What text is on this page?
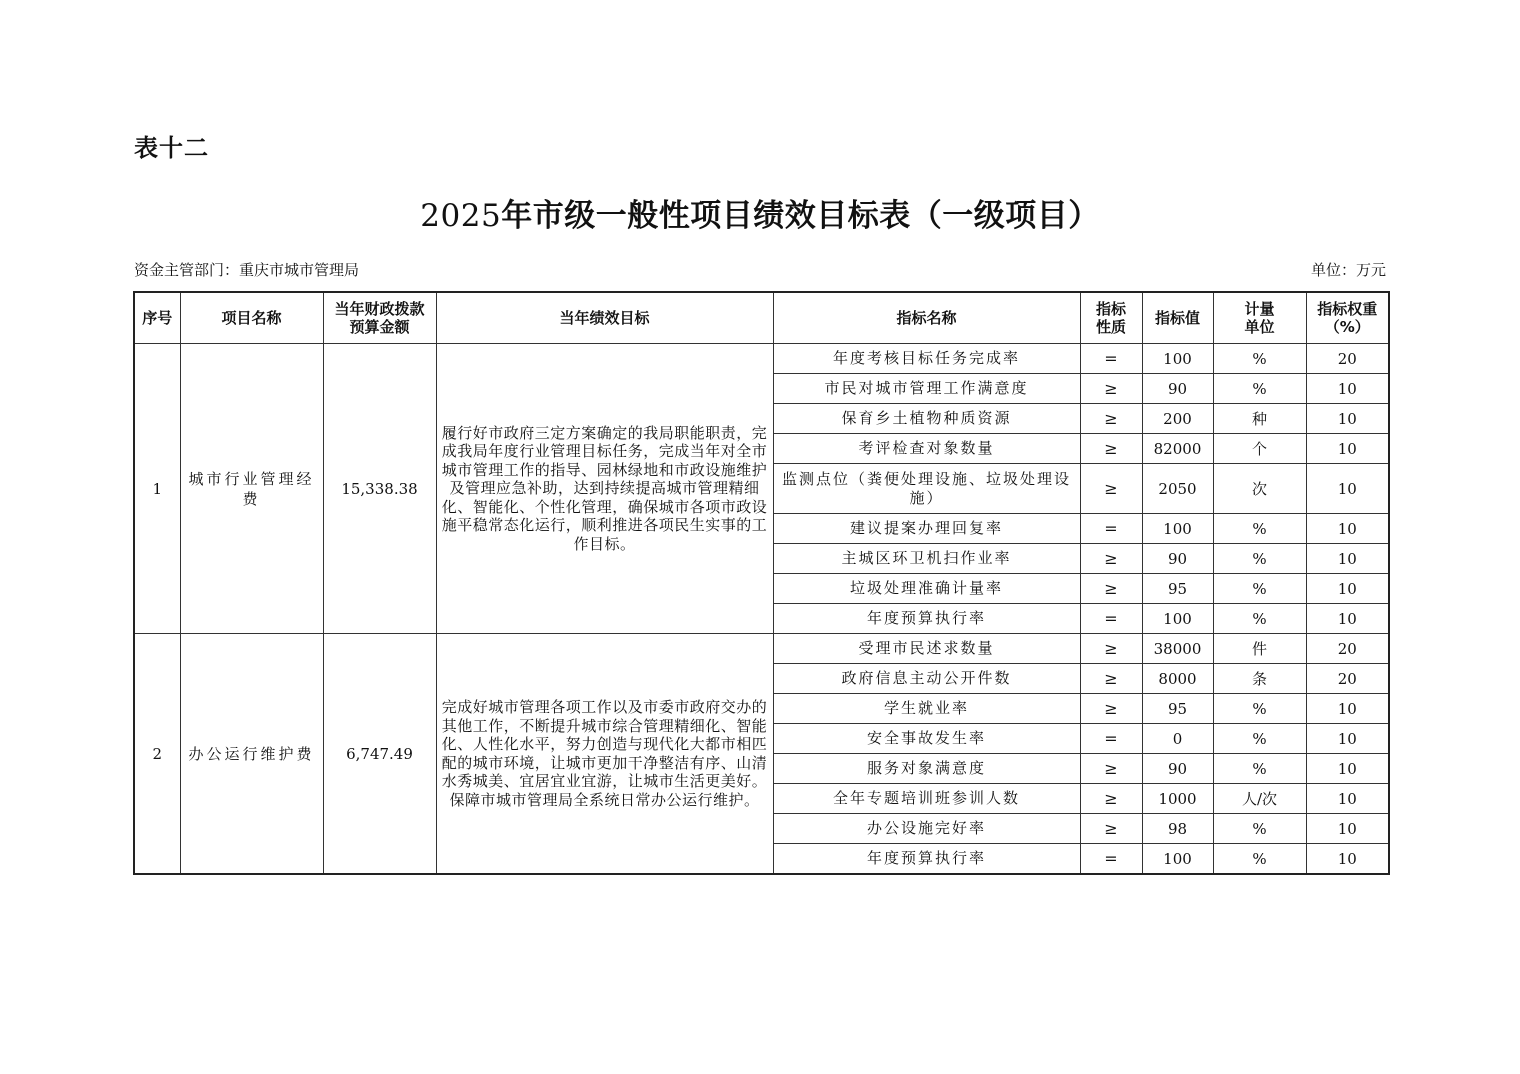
表十二
2025年市级一般性项目绩效目标表（一级项目）
资金主管部门：重庆市城市管理局	单位：万元
序号	项目名称	当年财政拨款预算金额	当年绩效目标	指标名称	指标性质	指标值	计量单位	指标权重（%）
1	城市行业管理经费	15,338.38	履行好市政府三定方案确定的我局职能职责，完成我局年度行业管理目标任务，完成当年对全市城市管理工作的指导、园林绿地和市政设施维护及管理应急补助，达到持续提高城市管理精细化、智能化、个性化管理，确保城市各项市政设施平稳常态化运行，顺利推进各项民生实事的工作目标。	年度考核目标任务完成率	=	100	%	20
				市民对城市管理工作满意度	≥	90	%	10
				保育乡土植物种质资源	≥	200	种	10
				考评检查对象数量	≥	82000	个	10
				监测点位（粪便处理设施、垃圾处理设施）	≥	2050	次	10
				建议提案办理回复率	=	100	%	10
				主城区环卫机扫作业率	≥	90	%	10
				垃圾处理准确计量率	≥	95	%	10
				年度预算执行率	=	100	%	10
2	办公运行维护费	6,747.49	完成好城市管理各项工作以及市委市政府交办的其他工作，不断提升城市综合管理精细化、智能化、人性化水平，努力创造与现代化大都市相匹配的城市环境，让城市更加干净整洁有序、山清水秀城美、宜居宜业宜游，让城市生活更美好。保障市城市管理局全系统日常办公运行维护。	受理市民述求数量	≥	38000	件	20
				政府信息主动公开件数	≥	8000	条	20
				学生就业率	≥	95	%	10
				安全事故发生率	=	0	%	10
				服务对象满意度	≥	90	%	10
				全年专题培训班参训人数	≥	1000	人/次	10
				办公设施完好率	≥	98	%	10
				年度预算执行率	=	100	%	10
